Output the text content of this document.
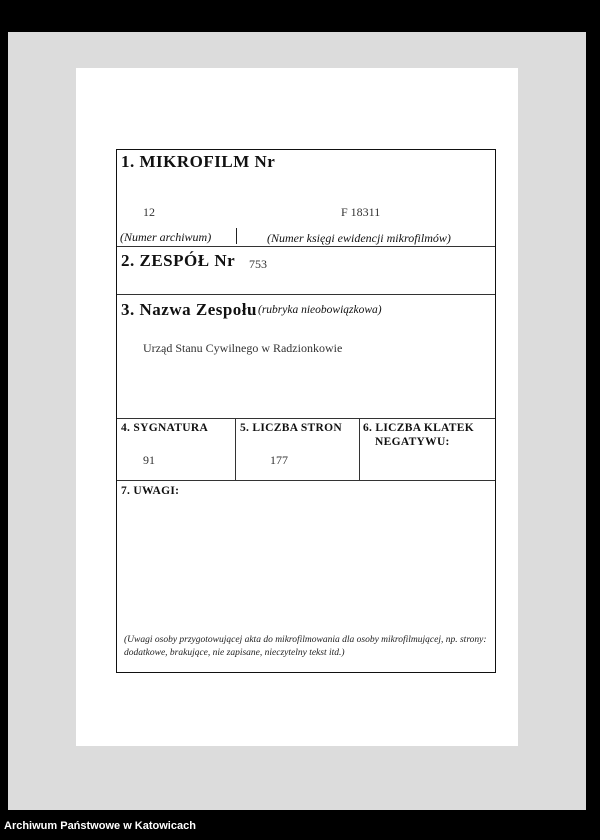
1. MIKROFILM Nr
12	F 18311
(Numer archiwum)	(Numer księgi ewidencji mikrofilmów)
2. ZESPÓŁ Nr 753
3. Nazwa Zespołu (rubryka nieobowiązkowa)
Urząd Stanu Cywilnego w Radzionkowie
4. SYGNATURA
91
5. LICZBA STRON
177
6. LICZBA KLATEK
NEGATYWU:
7. UWAGI:
(Uwagi osoby przygotowującej akta do mikrofilmowania dla osoby mikrofilmującej, np. strony: dodatkowe, brakujące, nie zapisane, nieczytelny tekst itd.)
Archiwum Państwowe w Katowicach
